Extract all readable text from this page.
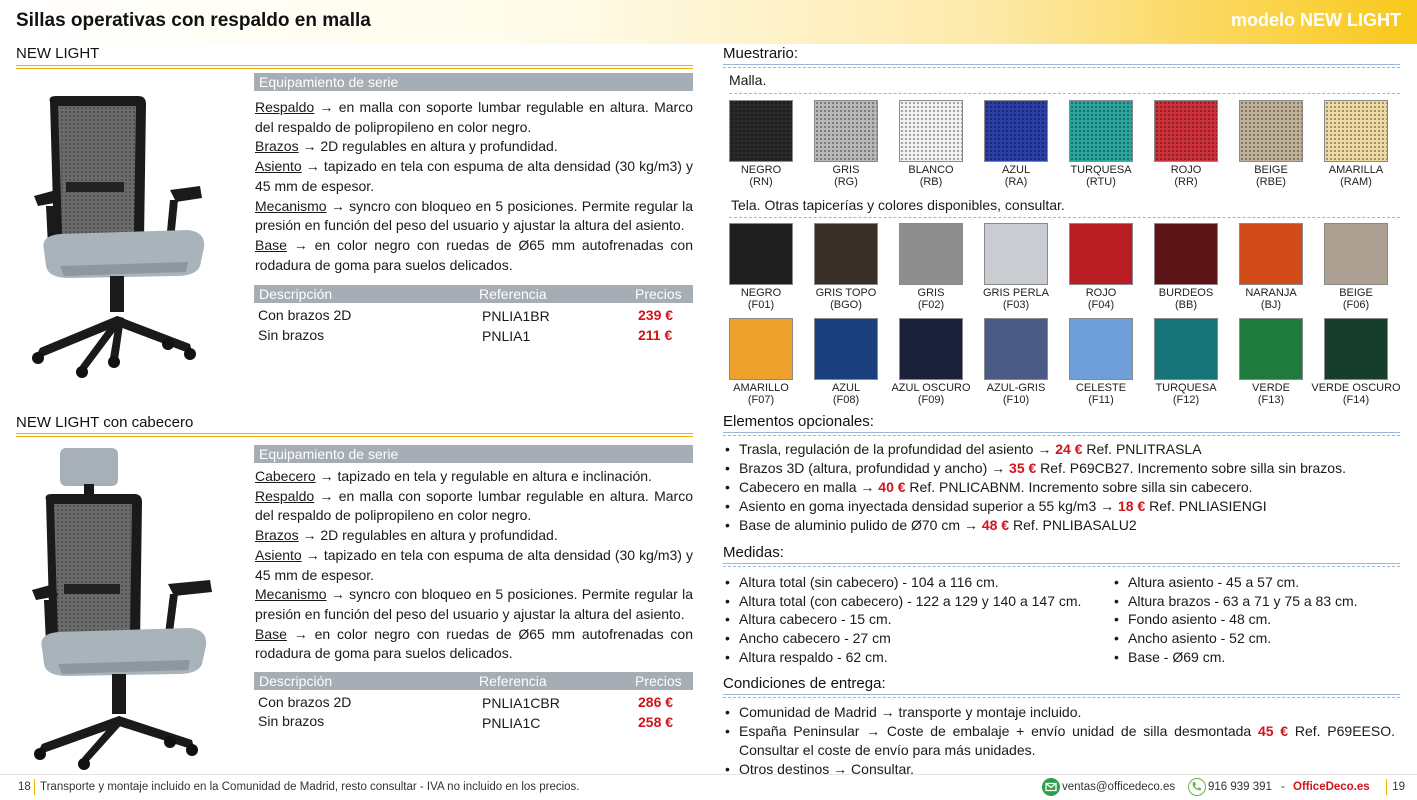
Sillas operativas con respaldo en malla	modelo NEW LIGHT
NEW LIGHT
Equipamiento de serie
Respaldo → en malla con soporte lumbar regulable en altura. Marco del respaldo de polipropileno en color negro.
Brazos → 2D regulables en altura y profundidad.
Asiento → tapizado en tela con espuma de alta densidad (30 kg/m3) y 45 mm de espesor.
Mecanismo → syncro con bloqueo en 5 posiciones. Permite regular la presión en función del peso del usuario y ajustar la altura del asiento.
Base → en color negro con ruedas de Ø65 mm autofrenadas con rodadura de goma para suelos delicados.
Descripción	Referencia	Precios
Con brazos 2D	PNLIA1BR	239 €
Sin brazos	PNLIA1	211 €
NEW LIGHT con cabecero
Equipamiento de serie
Cabecero → tapizado en tela y regulable en altura e inclinación.
Respaldo → en malla con soporte lumbar regulable en altura. Marco del respaldo de polipropileno en color negro.
Brazos → 2D regulables en altura y profundidad.
Asiento → tapizado en tela con espuma de alta densidad (30 kg/m3) y 45 mm de espesor.
Mecanismo → syncro con bloqueo en 5 posiciones. Permite regular la presión en función del peso del usuario y ajustar la altura del asiento.
Base → en color negro con ruedas de Ø65 mm autofrenadas con rodadura de goma para suelos delicados.
Descripción	Referencia	Precios
Con brazos 2D	PNLIA1CBR	286 €
Sin brazos	PNLIA1C	258 €
Muestrario:
Malla.
NEGRO
(RN)
GRIS
(RG)
BLANCO
(RB)
AZUL
(RA)
TURQUESA
(RTU)
ROJO
(RR)
BEIGE
(RBE)
AMARILLA
(RAM)
Tela. Otras tapicerías y colores disponibles, consultar.
NEGRO
(F01)
GRIS TOPO
(BGO)
GRIS
(F02)
GRIS PERLA
(F03)
ROJO
(F04)
BURDEOS
(BB)
NARANJA
(BJ)
BEIGE
(F06)
AMARILLO
(F07)
AZUL
(F08)
AZUL OSCURO
(F09)
AZUL-GRIS
(F10)
CELESTE
(F11)
TURQUESA
(F12)
VERDE
(F13)
VERDE OSCURO
(F14)
Elementos opcionales:
• Trasla, regulación de la profundidad del asiento → 24 € Ref. PNLITRASLA
• Brazos 3D (altura, profundidad y ancho) → 35 € Ref. P69CB27. Incremento sobre silla sin brazos.
• Cabecero en malla → 40 € Ref. PNLICABNM. Incremento sobre silla sin cabecero.
• Asiento en goma inyectada densidad superior a 55 kg/m3 → 18 € Ref. PNLIASIENGI
• Base de aluminio pulido de Ø70 cm → 48 € Ref. PNLIBASALU2
Medidas:
• Altura total (sin cabecero) - 104 a 116 cm.
• Altura total (con cabecero) - 122 a 129 y 140 a 147 cm.
• Altura cabecero - 15 cm.
• Ancho cabecero - 27 cm
• Altura respaldo - 62 cm.
• Altura asiento - 45 a 57 cm.
• Altura brazos - 63 a 71 y 75 a 83 cm.
• Fondo asiento - 48 cm.
• Ancho asiento - 52 cm.
• Base - Ø69 cm.
Condiciones de entrega:
• Comunidad de Madrid → transporte y montaje incluido.
• España Peninsular → Coste de embalaje + envío unidad de silla desmontada 45 € Ref. P69EESO. Consultar el coste de envío para más unidades.
• Otros destinos → Consultar.
18 Transporte y montaje incluido en la Comunidad de Madrid, resto consultar - IVA no incluido en los precios.	ventas@officedeco.es	916 939 391 - OfficeDeco.es 19
